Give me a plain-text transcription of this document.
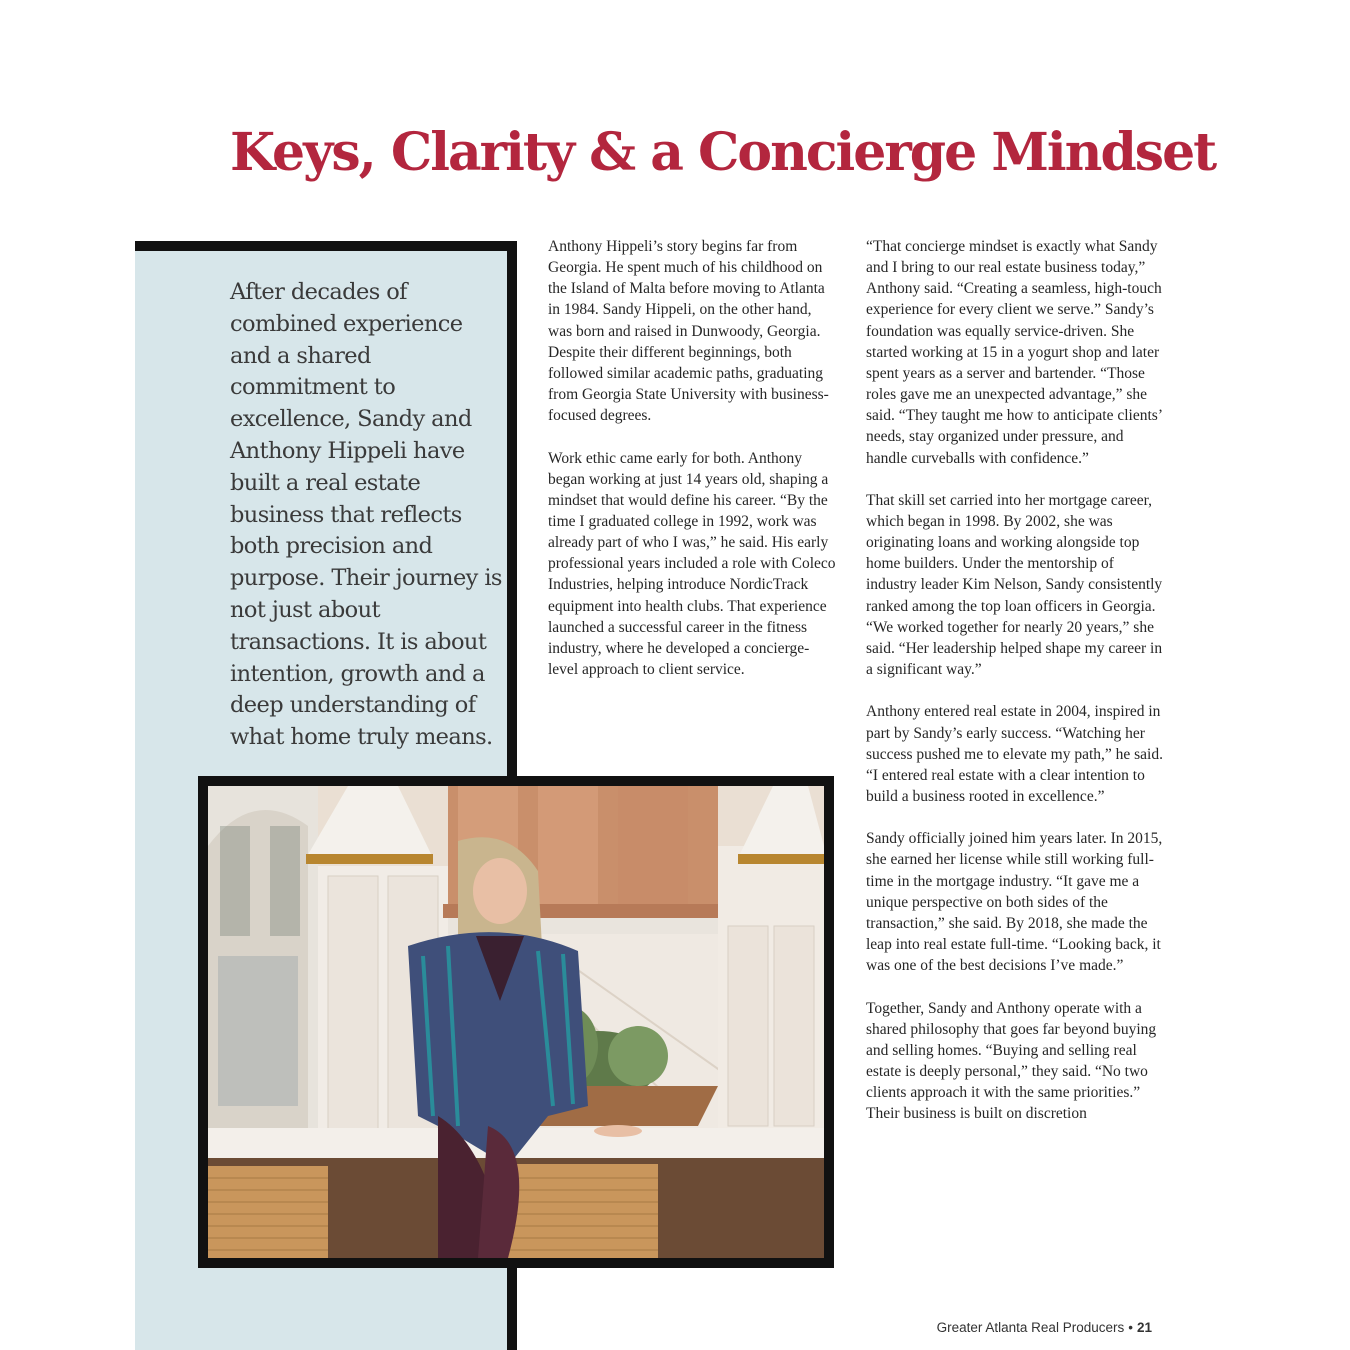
Keys, Clarity & a Concierge Mindset
After decades of combined experience and a shared commitment to excellence, Sandy and Anthony Hippeli have built a real estate business that reflects both precision and purpose. Their journey is not just about transactions. It is about intention, growth and a deep understanding of what home truly means.

Anthony Hippeli’s story begins far from Georgia. He spent much of his childhood on the Island of Malta before moving to Atlanta in 1984. Sandy Hippeli, on the other hand, was born and raised in Dunwoody, Georgia. Despite their different beginnings, both followed similar academic paths, graduating from Georgia State University with business-focused degrees.

Work ethic came early for both. Anthony began working at just 14 years old, shaping a mindset that would define his career. “By the time I graduated college in 1992, work was already part of who I was,” he said. His early professional years included a role with Coleco Industries, helping introduce NordicTrack equipment into health clubs. That experience launched a successful career in the fitness industry, where he developed a concierge-level approach to client service.

“That concierge mindset is exactly what Sandy and I bring to our real estate business today,” Anthony said. “Creating a seamless, high-touch experience for every client we serve.” Sandy’s foundation was equally service-driven. She started working at 15 in a yogurt shop and later spent years as a server and bartender. “Those roles gave me an unexpected advantage,” she said. “They taught me how to anticipate clients’ needs, stay organized under pressure, and handle curveballs with confidence.”

That skill set carried into her mortgage career, which began in 1998. By 2002, she was originating loans and working alongside top home builders. Under the mentorship of industry leader Kim Nelson, Sandy consistently ranked among the top loan officers in Georgia. “We worked together for nearly 20 years,” she said. “Her leadership helped shape my career in a significant way.”

Anthony entered real estate in 2004, inspired in part by Sandy’s early success. “Watching her success pushed me to elevate my path,” he said. “I entered real estate with a clear intention to build a business rooted in excellence.”

Sandy officially joined him years later. In 2015, she earned her license while still working full-time in the mortgage industry. “It gave me a unique perspective on both sides of the transaction,” she said. By 2018, she made the leap into real estate full-time. “Looking back, it was one of the best decisions I’ve made.”

Together, Sandy and Anthony operate with a shared philosophy that goes far beyond buying and selling homes. “Buying and selling real estate is deeply personal,” they said. “No two clients approach it with the same priorities.” Their business is built on discretion

Greater Atlanta Real Producers • 21
